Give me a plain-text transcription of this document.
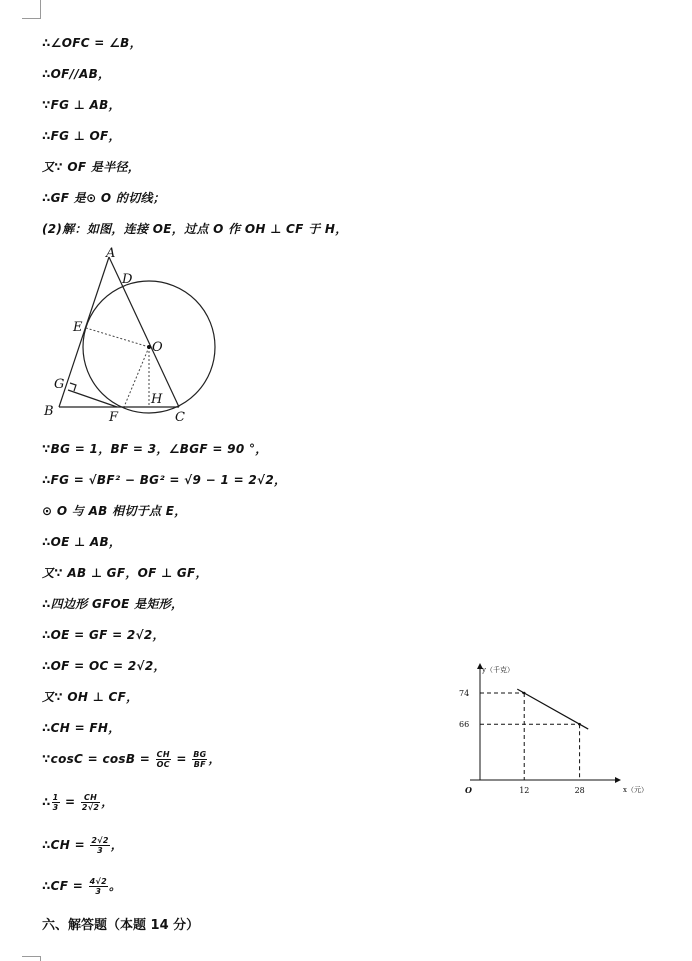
∴∠OFC = ∠B，
∴OF//AB，
∵FG ⊥ AB，
∴FG ⊥ OF，
又∵ OF 是半径，
∴GF 是⊙ O 的切线；
(2)解：如图，连接 OE，过点 O 作 OH ⊥ CF 于 H，
A
D
E
O
G
B	F
H
C
∵BG = 1，BF = 3，∠BGF = 90 °，
∴FG = √BF² − BG² = √9 − 1 = 2√2，
⊙ O 与 AB 相切于点 E，
∴OE ⊥ AB，
又∵ AB ⊥ GF，OF ⊥ GF，
∴四边形 GFOE 是矩形，
∴OE = GF = 2√2，
∴OF = OC = 2√2，
又∵ OH ⊥ CF，
∴CH = FH，
∵cosC = $\cos B = \frac{CH}{OC} = \frac{BG}{BF}$ ，
∴ $\frac{1}{3} = \frac{CH}{2√2}$ ，
∴CH = $\frac{2√2}{3}$ ，
∴CF = $\frac{4√2}{3}$ 。
六、解答题（本题 14 分）
12	28
74
66
y（千克）
x（元）
O
